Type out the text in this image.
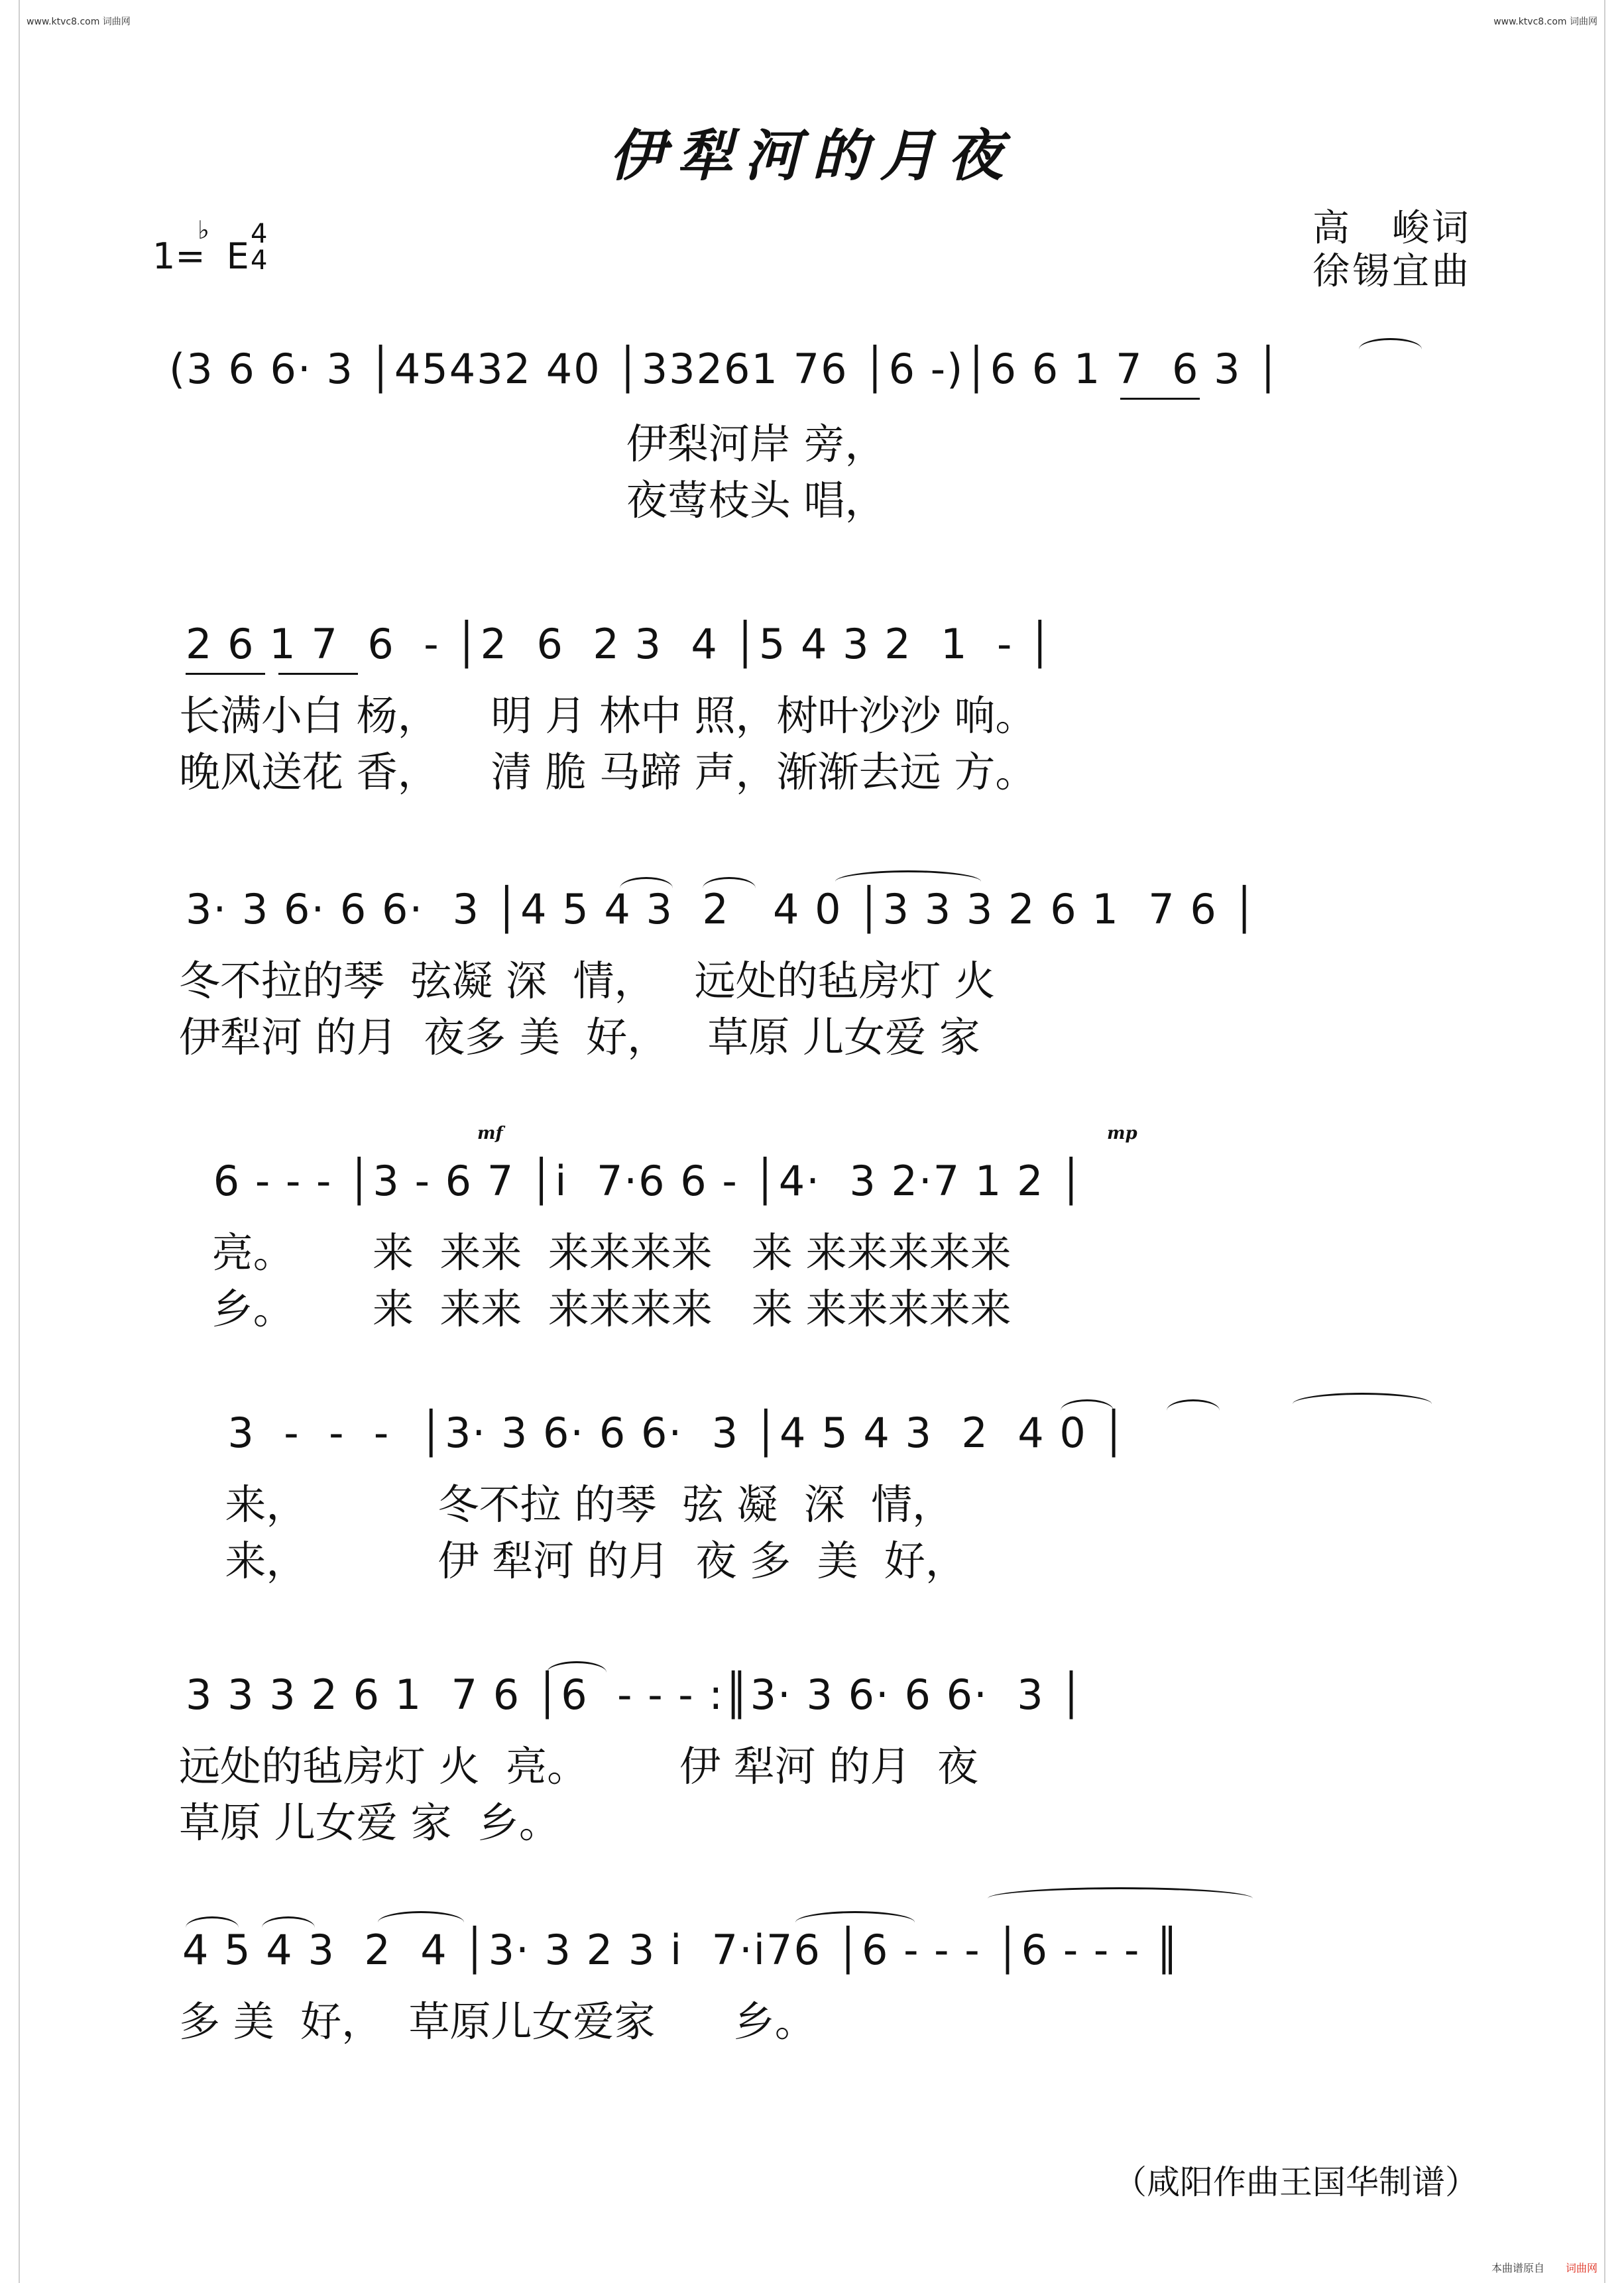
www.ktvc8.com 词曲网	www.ktvc8.com 词曲网
伊犁河的月夜
1=
♭
E
4
4
高　峻词
徐锡宜曲
(3 6 6· 3 │45432 40 │33261 76 │6 -)│6 6 1 7  6 3 │
伊梨河岸 旁，
夜莺枝头 唱，
2 6 1 7  6  - │2  6  2 3  4 │5 4 3 2  1  - │
长满小白 杨，    明 月 林中 照，树叶沙沙 响。
晚风送花 香，    清 脆 马蹄 声，渐渐去远 方。
3· 3 6· 6 6·  3 │4 5 4 3  2   4 0 │3 3 3 2 6 1  7 6 │
冬不拉的琴  弦凝 深  情，   远处的毡房灯 火
伊犁河 的月  夜多 美  好，   草原 儿女爱 家
mf	mp
6 - - - │3 - 6 7 │i  7·6 6 - │4·  3 2·7 1 2 │
亮。      来  来来  来来来来   来 来来来来来
乡。      来  来来  来来来来   来 来来来来来
3  -  -  -  │3· 3 6· 6 6·  3 │4 5 4 3  2  4 0 │
来，          冬不拉 的琴  弦 凝  深  情，
来，          伊 犁河 的月  夜 多  美  好，
3 3 3 2 6 1  7 6 │6  - - - :║3· 3 6· 6 6·  3 │
远处的毡房灯 火  亮。       伊 犁河 的月  夜
草原 儿女爱 家  乡。
4 5 4 3  2  4 │3· 3 2 3 i  7·i76 │6 - - - │6 - - - ║
多 美  好，  草原儿女爱家      乡。
（咸阳作曲王国华制谱）
本曲谱原自 词曲网
